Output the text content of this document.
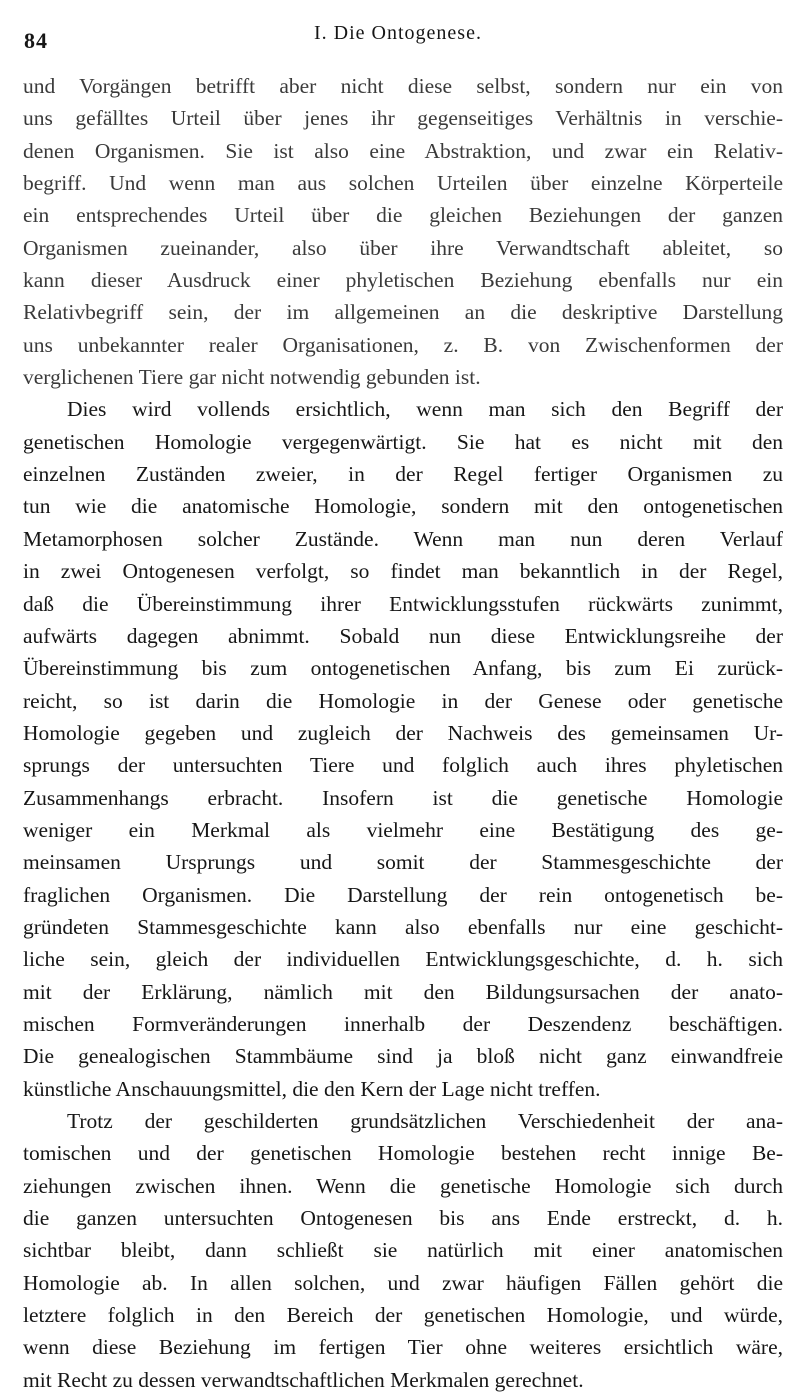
84	I. Die Ontogenese.
und Vorgängen betrifft aber nicht diese selbst, sondern nur ein von
uns gefälltes Urteil über jenes ihr gegenseitiges Verhältnis in verschie-
denen Organismen. Sie ist also eine Abstraktion, und zwar ein Relativ-
begriff. Und wenn man aus solchen Urteilen über einzelne Körperteile
ein entsprechendes Urteil über die gleichen Beziehungen der ganzen
Organismen zueinander, also über ihre Verwandtschaft ableitet, so
kann dieser Ausdruck einer phyletischen Beziehung ebenfalls nur ein
Relativbegriff sein, der im allgemeinen an die deskriptive Darstellung
uns unbekannter realer Organisationen, z. B. von Zwischenformen der
verglichenen Tiere gar nicht notwendig gebunden ist.
Dies wird vollends ersichtlich, wenn man sich den Begriff der
genetischen Homologie vergegenwärtigt. Sie hat es nicht mit den
einzelnen Zuständen zweier, in der Regel fertiger Organismen zu
tun wie die anatomische Homologie, sondern mit den ontogenetischen
Metamorphosen solcher Zustände. Wenn man nun deren Verlauf
in zwei Ontogenesen verfolgt, so findet man bekanntlich in der Regel,
daß die Übereinstimmung ihrer Entwicklungsstufen rückwärts zunimmt,
aufwärts dagegen abnimmt. Sobald nun diese Entwicklungsreihe der
Übereinstimmung bis zum ontogenetischen Anfang, bis zum Ei zurück-
reicht, so ist darin die Homologie in der Genese oder genetische
Homologie gegeben und zugleich der Nachweis des gemeinsamen Ur-
sprungs der untersuchten Tiere und folglich auch ihres phyletischen
Zusammenhangs erbracht. Insofern ist die genetische Homologie
weniger ein Merkmal als vielmehr eine Bestätigung des ge-
meinsamen Ursprungs und somit der Stammesgeschichte der
fraglichen Organismen. Die Darstellung der rein ontogenetisch be-
gründeten Stammesgeschichte kann also ebenfalls nur eine geschicht-
liche sein, gleich der individuellen Entwicklungsgeschichte, d. h. sich
mit der Erklärung, nämlich mit den Bildungsursachen der anato-
mischen Formveränderungen innerhalb der Deszendenz beschäftigen.
Die genealogischen Stammbäume sind ja bloß nicht ganz einwandfreie
künstliche Anschauungsmittel, die den Kern der Lage nicht treffen.
Trotz der geschilderten grundsätzlichen Verschiedenheit der ana-
tomischen und der genetischen Homologie bestehen recht innige Be-
ziehungen zwischen ihnen. Wenn die genetische Homologie sich durch
die ganzen untersuchten Ontogenesen bis ans Ende erstreckt, d. h.
sichtbar bleibt, dann schließt sie natürlich mit einer anatomischen
Homologie ab. In allen solchen, und zwar häufigen Fällen gehört die
letztere folglich in den Bereich der genetischen Homologie, und würde,
wenn diese Beziehung im fertigen Tier ohne weiteres ersichtlich wäre,
mit Recht zu dessen verwandtschaftlichen Merkmalen gerechnet.
